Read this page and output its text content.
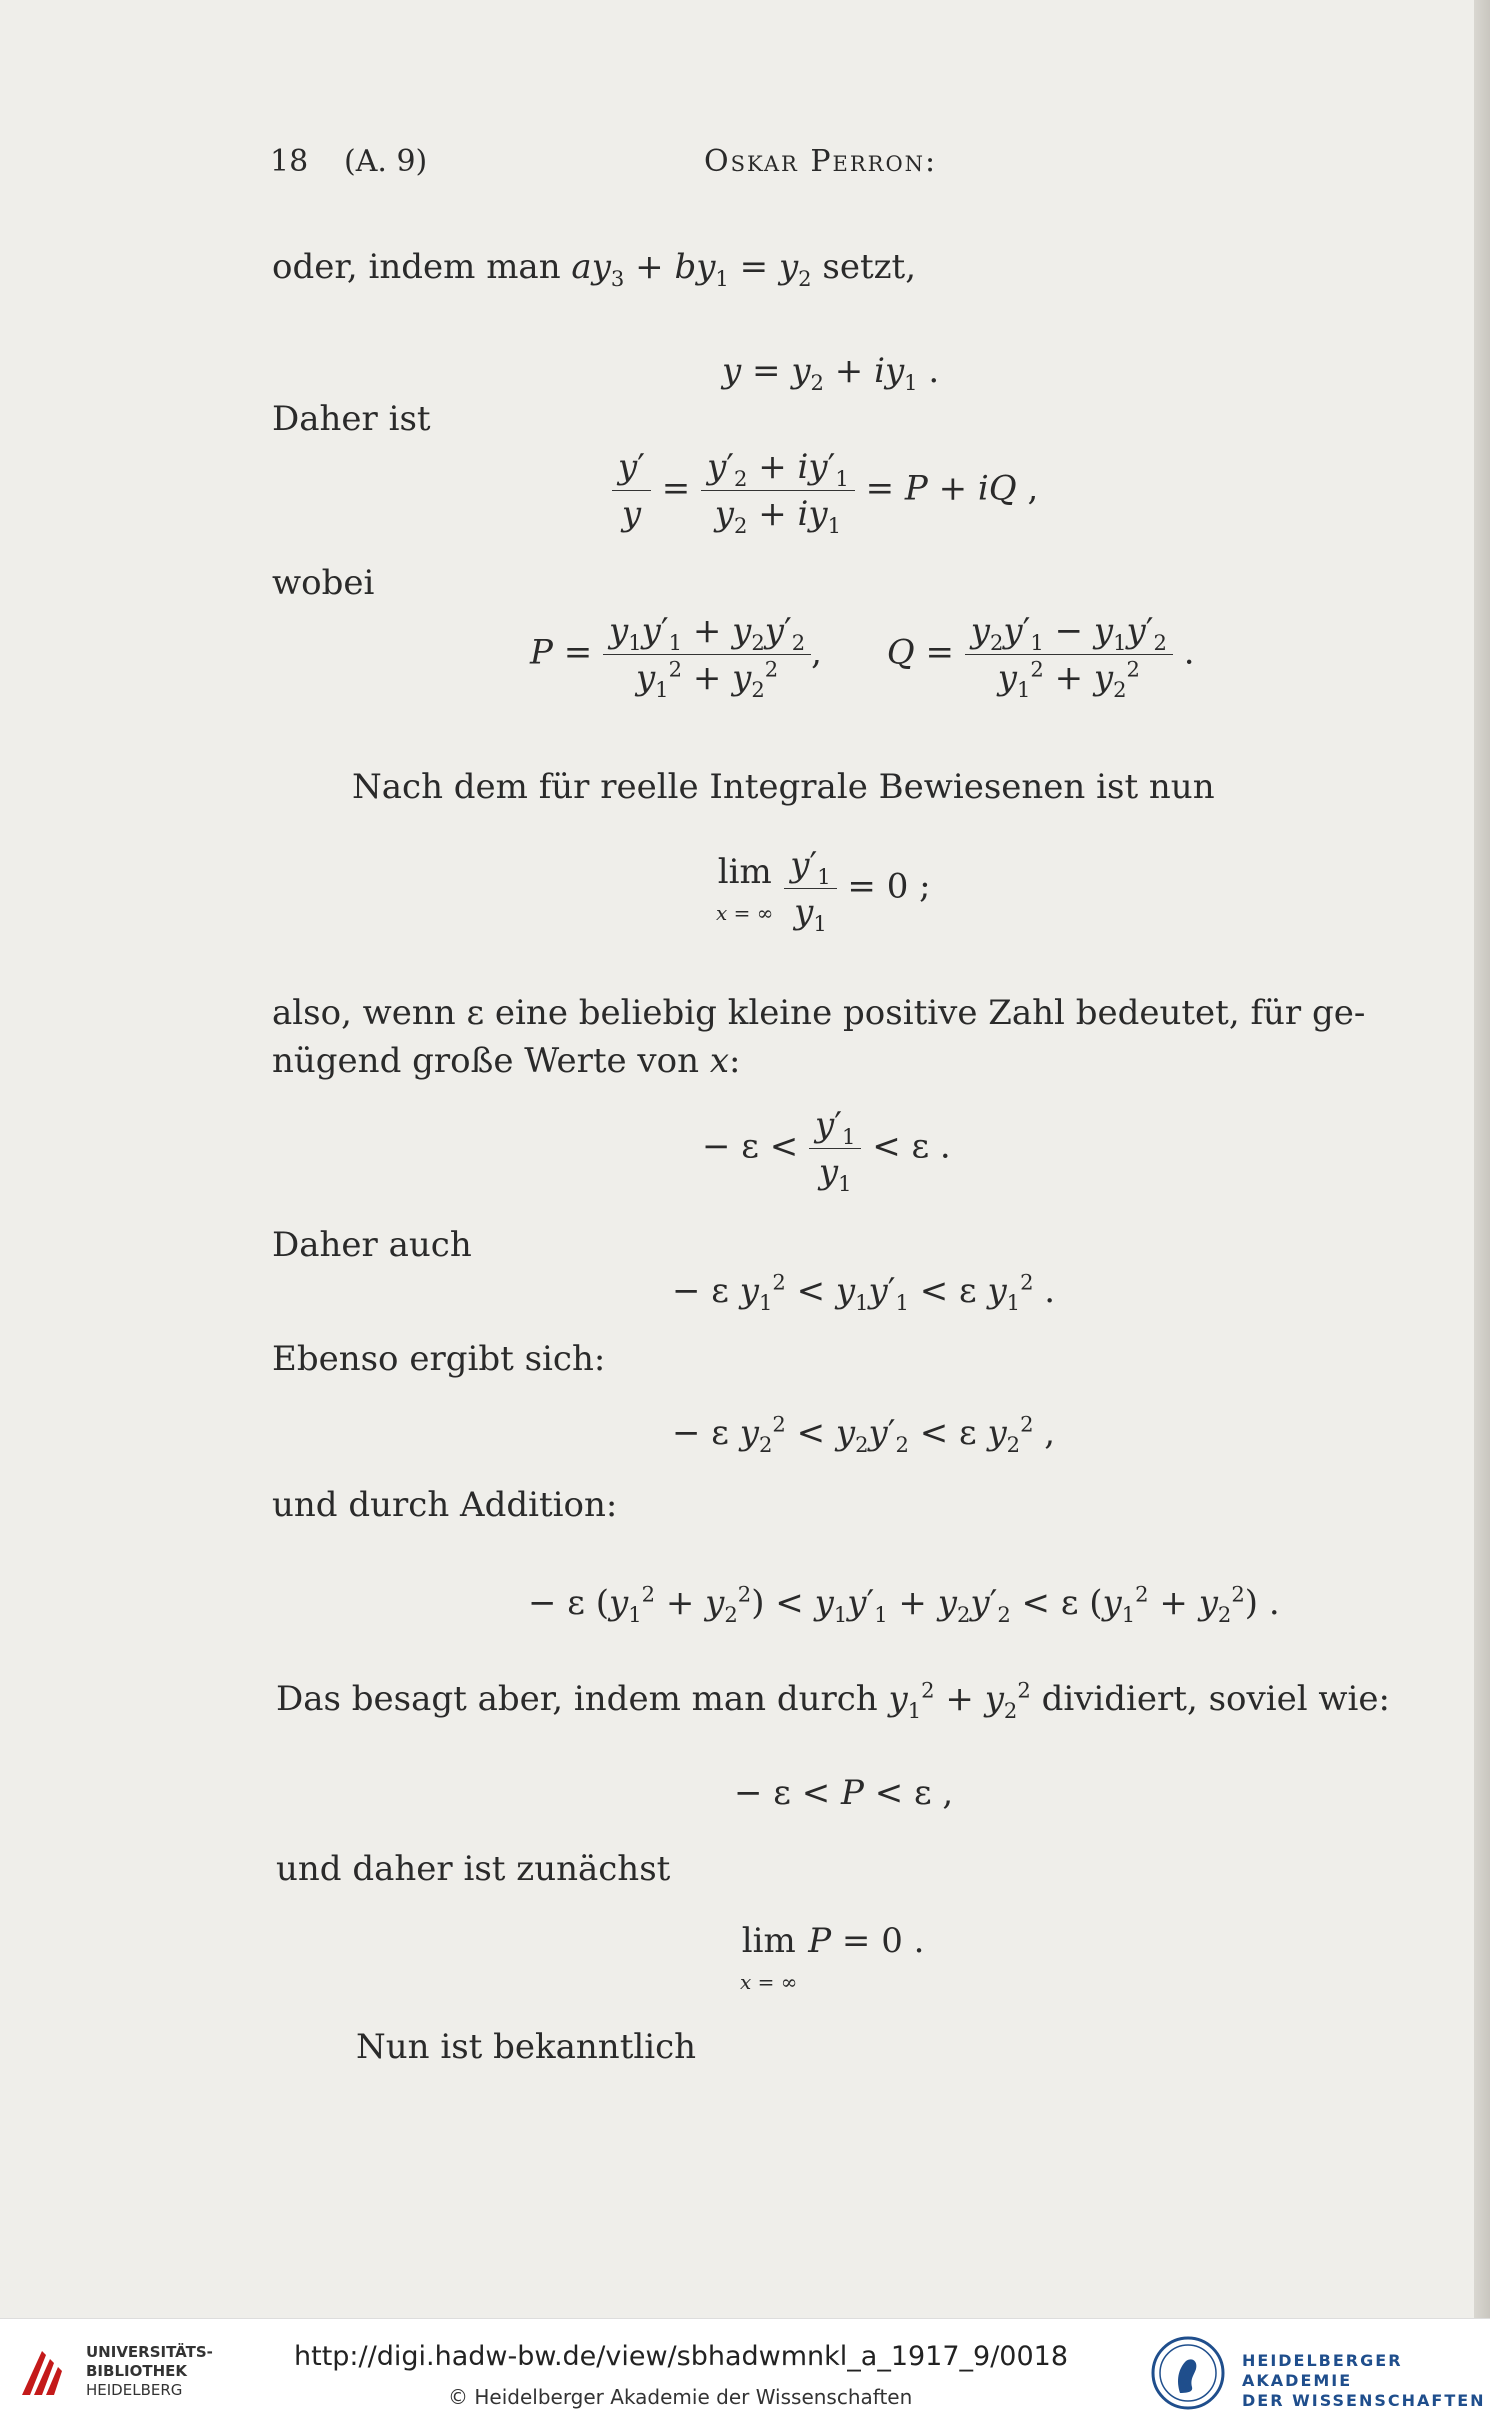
18 (A. 9)	Oskar Perron:
oder, indem man $ay_3 + by_1 = y_2$ setzt,
$y = y_2 + iy_1$ .
Daher ist
$\frac{y'}{y} = \frac{y'_2 + iy'_1}{y_2 + iy_1} = P$ + iQ ,
wobei
$P = \frac{y_1y'_1 + y_2y'_2}{y_1^2 + y_2^2}$ ,      $Q = \frac{y_2y'_1 - y_1y'_2}{y_1^2 + y_2^2}$ .
Nach dem für reelle Integrale Bewiesenen ist nun
lim
x = ∞
$\frac{y'_1}{y_1} = 0$ ;
also, wenn ε eine beliebig kleine positive Zahl bedeutet, für ge-
nügend große Werte von x:
− $\varepsilon < \frac{y'_1}{y_1} < \varepsilon$ .
Daher auch
− ε $y_1^2 < y_1y'_1 < \varepsilon$ $y_1^2$ .
Ebenso ergibt sich:
− ε $y_2^2 < y_2y'_2 < \varepsilon$ $y_2^2$ ,
und durch Addition:
− ε $(y_1^2 + y_2^2) < y_1y'_1 + y_2y'_2 < \varepsilon$ $(y_1^2 + y_2^2)$ .
Das besagt aber, indem man durch $y_1^2 + y_2^2$ dividiert, soviel wie:
− ε < P < ε ,
und daher ist zunächst
lim
x = ∞
P = 0 .
Nun ist bekanntlich
UNIVERSITÄTS-
BIBLIOTHEK
HEIDELBERG
http://digi.hadw-bw.de/view/sbhadwmnkl_a_1917_9/0018
© Heidelberger Akademie der Wissenschaften
HEIDELBERGER AKADEMIE
DER WISSENSCHAFTEN
